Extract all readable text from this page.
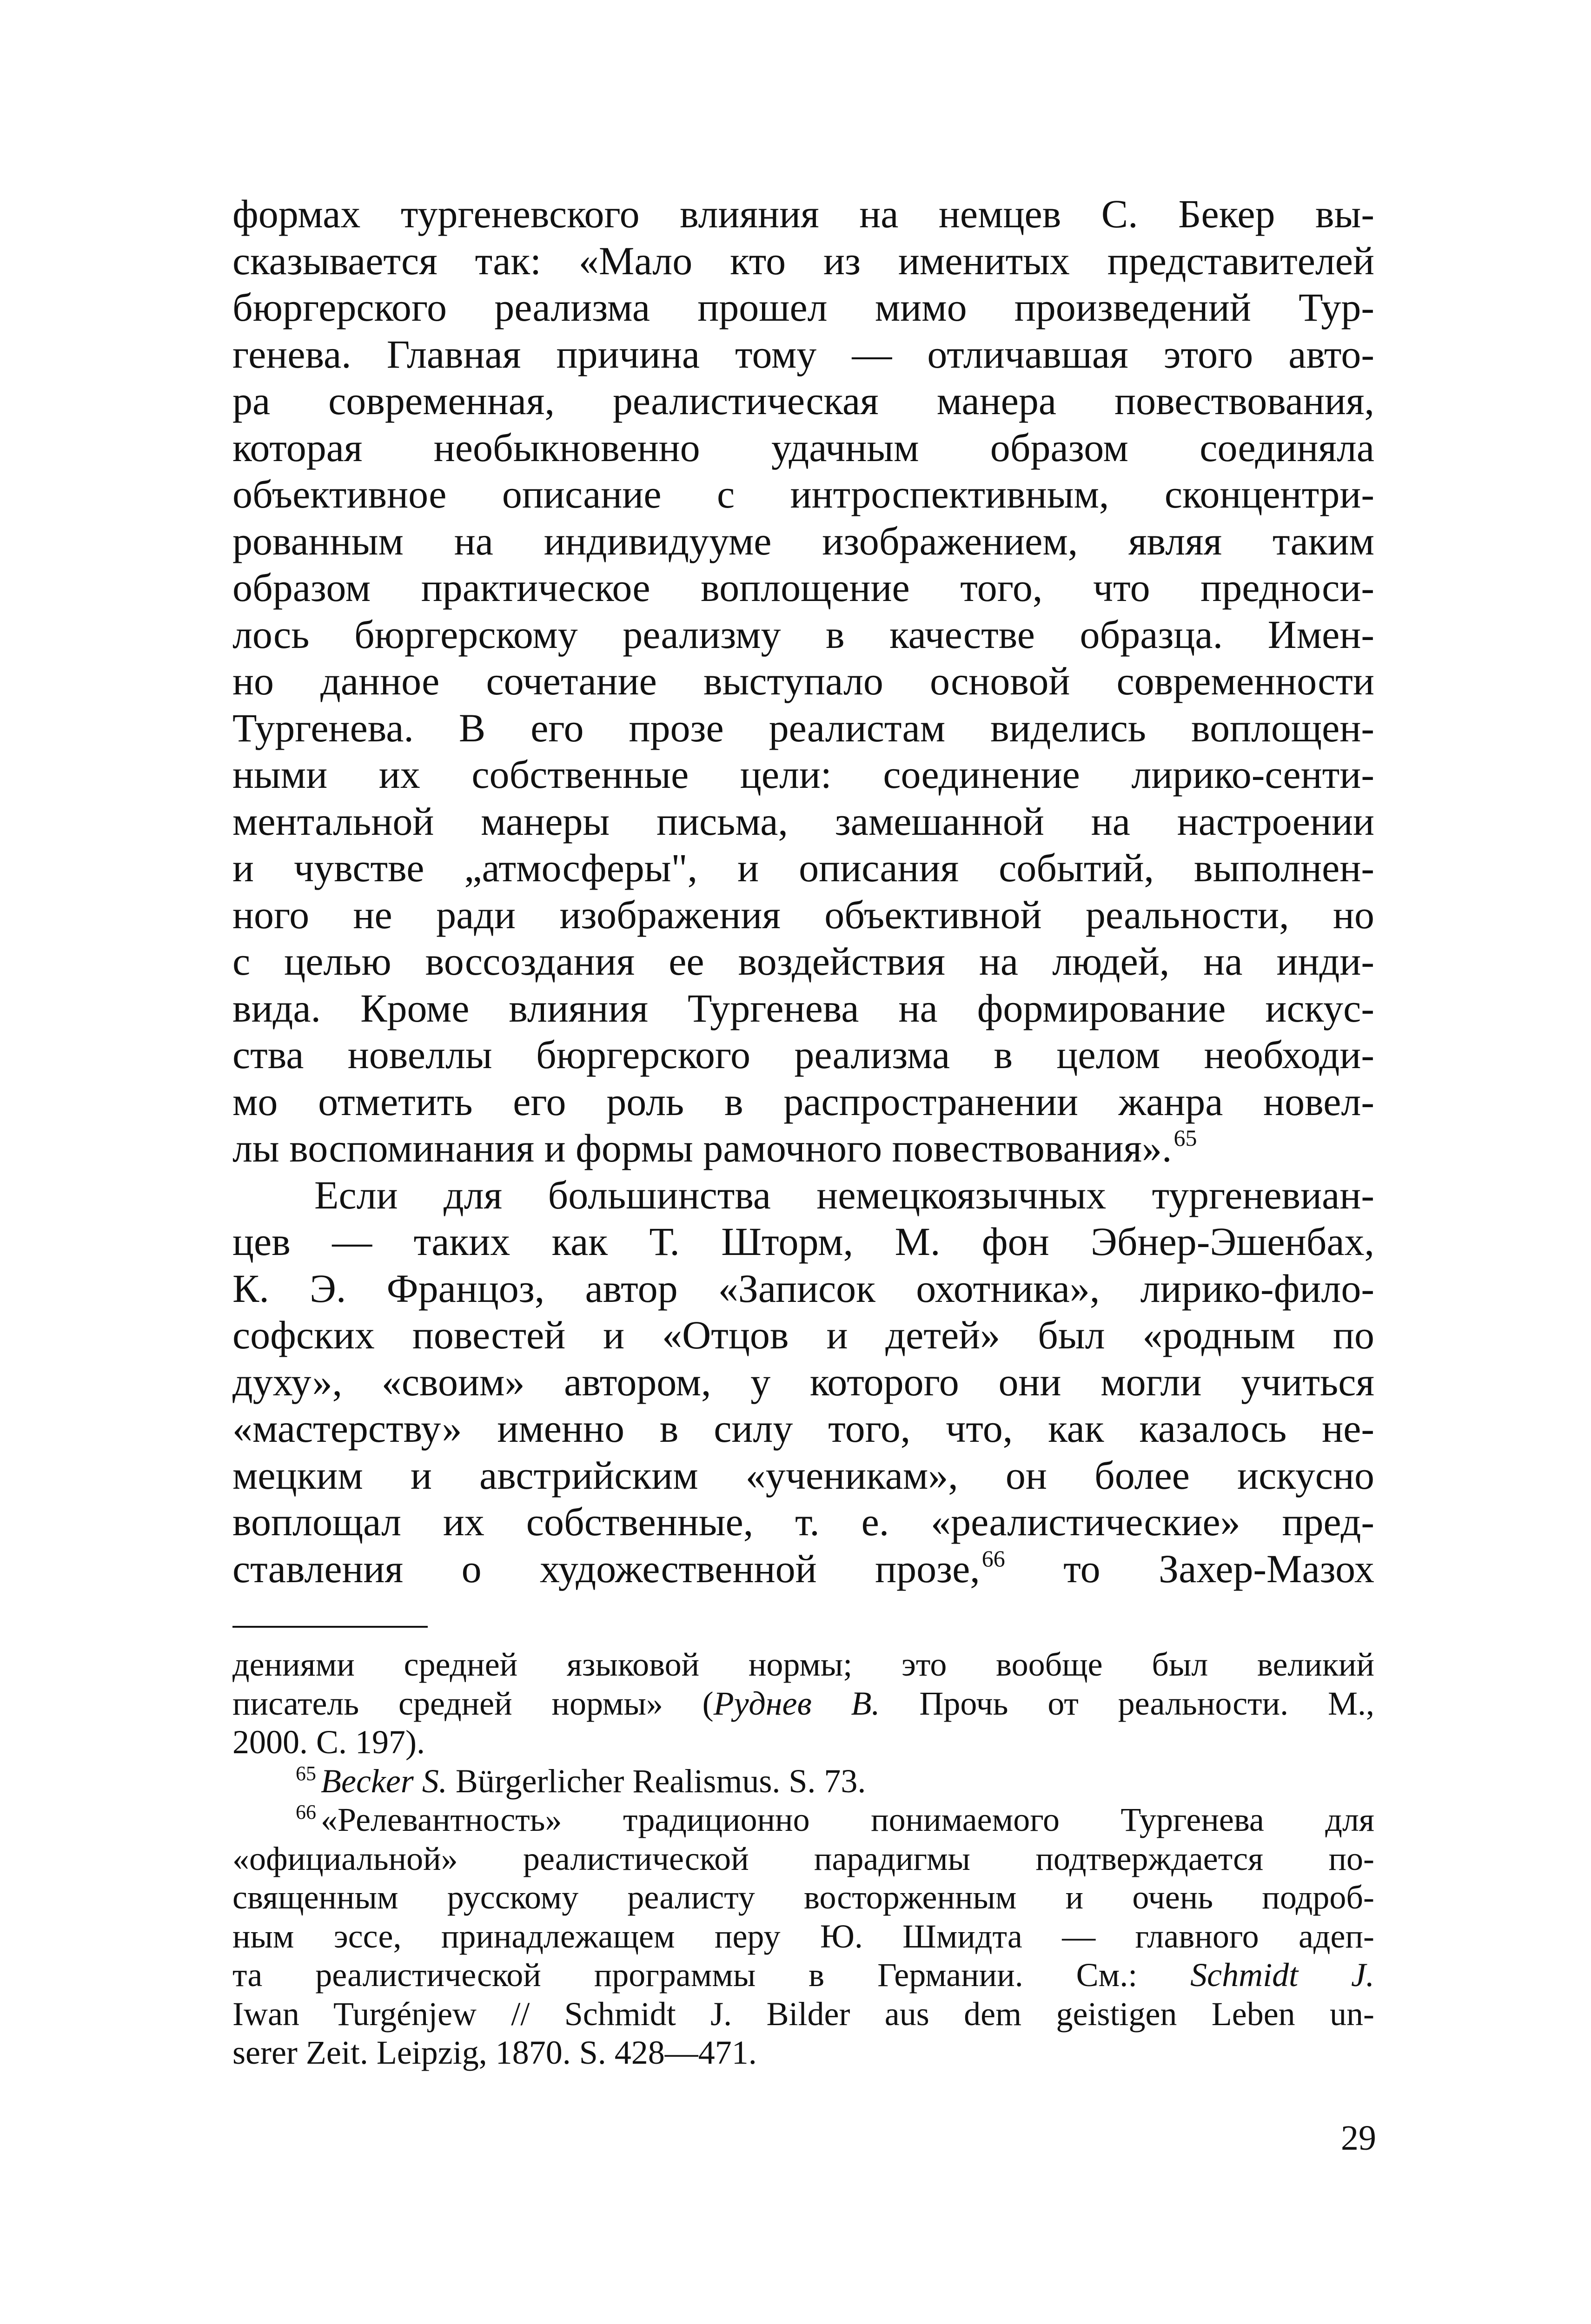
формах тургеневского влияния на немцев С. Бекер вы-
сказывается так: «Мало кто из именитых представителей
бюргерского реализма прошел мимо произведений Тур-
генева. Главная причина тому — отличавшая этого авто-
ра современная, реалистическая манера повествования,
которая необыкновенно удачным образом соединяла
объективное описание с интроспективным, сконцентри-
рованным на индивидууме изображением, являя таким
образом практическое воплощение того, что предноси-
лось бюргерскому реализму в качестве образца. Имен-
но данное сочетание выступало основой современности
Тургенева. В его прозе реалистам виделись воплощен-
ными их собственные цели: соединение лирико-сенти-
ментальной манеры письма, замешанной на настроении
и чувстве „атмосферы", и описания событий, выполнен-
ного не ради изображения объективной реальности, но
с целью воссоздания ее воздействия на людей, на инди-
вида. Кроме влияния Тургенева на формирование искус-
ства новеллы бюргерского реализма в целом необходи-
мо отметить его роль в распространении жанра новел-
лы воспоминания и формы рамочного повествования».$^{65}$
Если для большинства немецкоязычных тургеневиан-
цев — таких как Т. Шторм, М. фон Эбнер-Эшенбах,
К. Э. Францоз, автор «Записок охотника», лирико-фило-
софских повестей и «Отцов и детей» был «родным по
духу», «своим» автором, у которого они могли учиться
«мастерству» именно в силу того, что, как казалось не-
мецким и австрийским «ученикам», он более искусно
воплощал их собственные, т. е. «реалистические» пред-
ставления о художественной прозе,$^{66}$ то Захер-Мазох
дениями средней языковой нормы; это вообще был великий
писатель средней нормы» (Руднев В. Прочь от реальности. М.,
2000. С. 197).
$^{65}$ Becker S. Bürgerlicher Realismus. S. 73.
$^{66}$ «Релевантность» традиционно понимаемого Тургенева для
«официальной» реалистической парадигмы подтверждается по-
священным русскому реалисту восторженным и очень подроб-
ным эссе, принадлежащем перу Ю. Шмидта — главного адеп-
та реалистической программы в Германии. См.: Schmidt J.
Iwan Turgénjew // Schmidt J. Bilder aus dem geistigen Leben un-
serer Zeit. Leipzig, 1870. S. 428—471.
29
